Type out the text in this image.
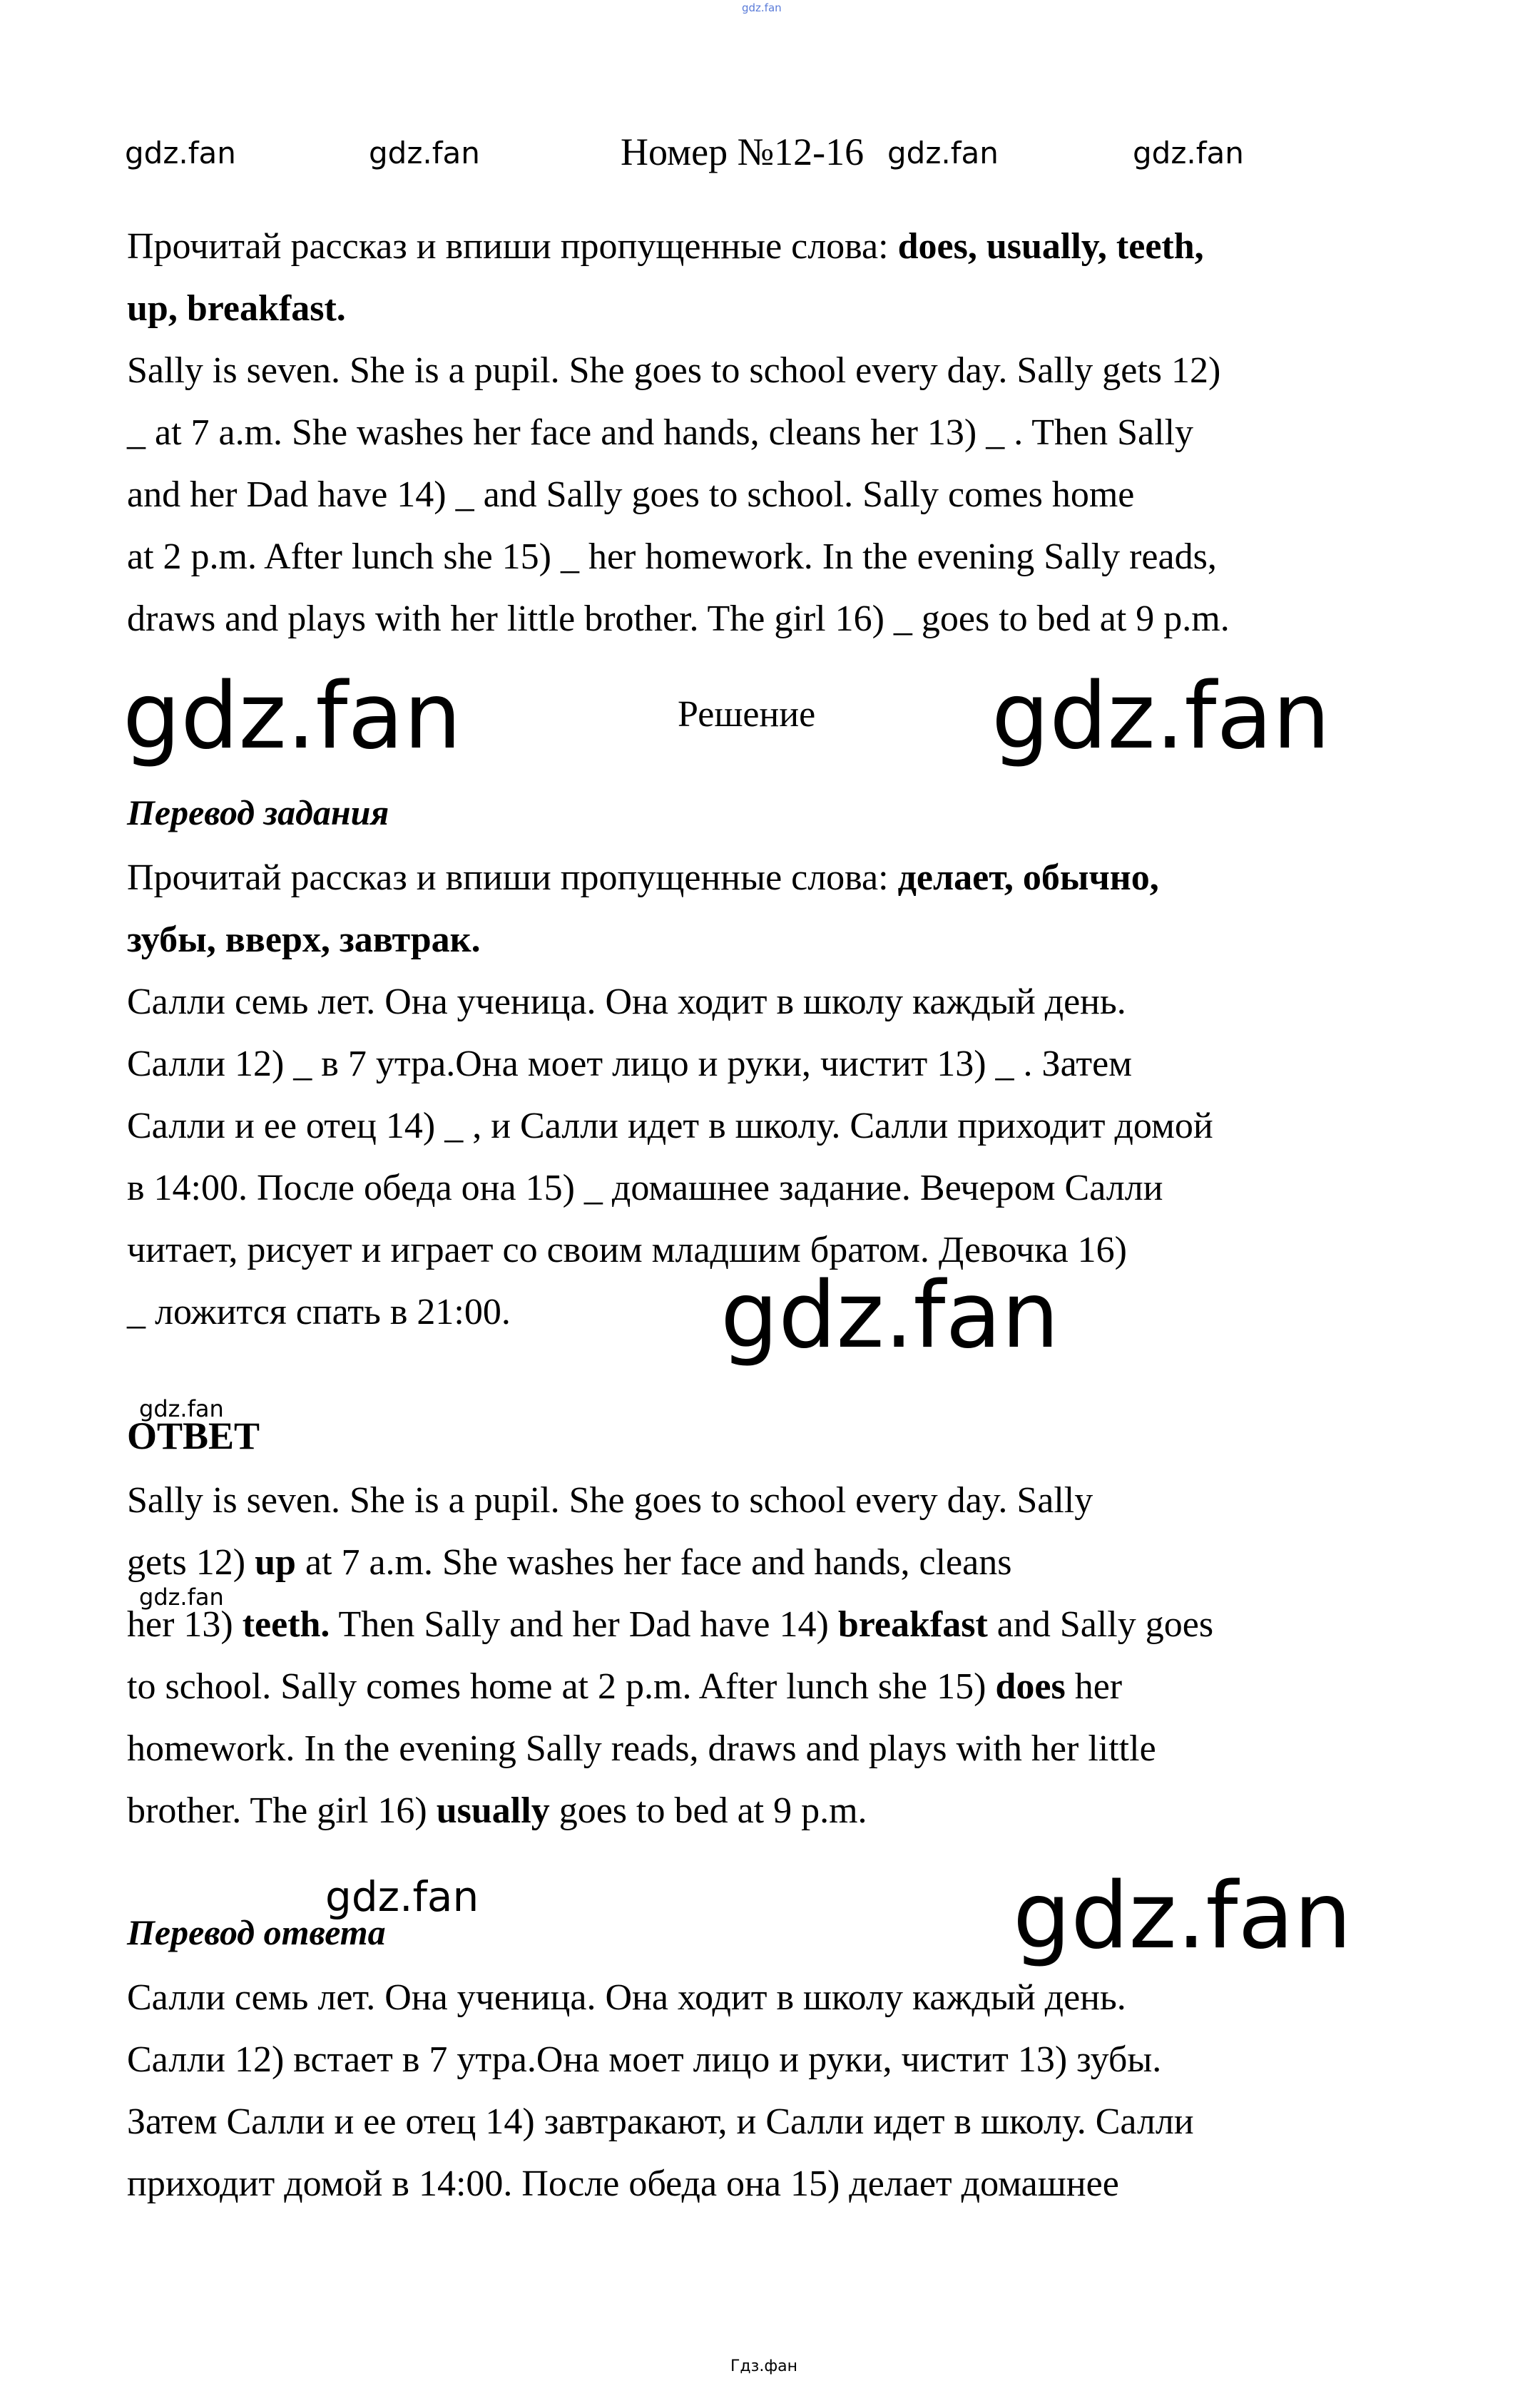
gdz.fan
gdz.fan	gdz.fan	Номер №12-16 gdz.fan	gdz.fan
Прочитай рассказ и впиши пропущенные слова: does, usually, teeth,
up, breakfast.
Sally is seven. She is a pupil. She goes to school every day. Sally gets 12)
_ at 7 a.m. She washes her face and hands, cleans her 13) _ . Then Sally
and her Dad have 14) _ and Sally goes to school. Sally comes home
at 2 p.m. After lunch she 15) _ her homework. In the evening Sally reads,
draws and plays with her little brother. The girl 16) _ goes to bed at 9 p.m.
gdz.fan	Решение gdz.fan
Перевод задания
Прочитай рассказ и впиши пропущенные слова: делает, обычно,
зубы, вверх, завтрак.
Салли семь лет. Она ученица. Она ходит в школу каждый день.
Салли 12) _ в 7 утра.Она моет лицо и руки, чистит 13) _ . Затем
Салли и ее отец 14) _ , и Салли идет в школу. Салли приходит домой
в 14:00. После обеда она 15) _ домашнее задание. Вечером Салли
читает, рисует и играет со своим младшим братом. Девочка 16)
_ ложится спать в 21:00.	gdz.fan
gdz.fan
ОТВЕТ
Sally is seven. She is a pupil. She goes to school every day. Sally
gets 12) up at 7 a.m. She washes her face and hands, cleans
her 13) teeth. Then Sally and her Dad have 14) breakfast and Sally goes
to school. Sally comes home at 2 p.m. After lunch she 15) does her
homework. In the evening Sally reads, draws and plays with her little
brother. The girl 16) usually goes to bed at 9 p.m.
gdz.fan
gdz.fan	gdz.fan
Перевод ответа
Салли семь лет. Она ученица. Она ходит в школу каждый день.
Салли 12) встает в 7 утра.Она моет лицо и руки, чистит 13) зубы.
Затем Салли и ее отец 14) завтракают, и Салли идет в школу. Салли
приходит домой в 14:00. После обеда она 15) делает домашнее
Гдз.фан
